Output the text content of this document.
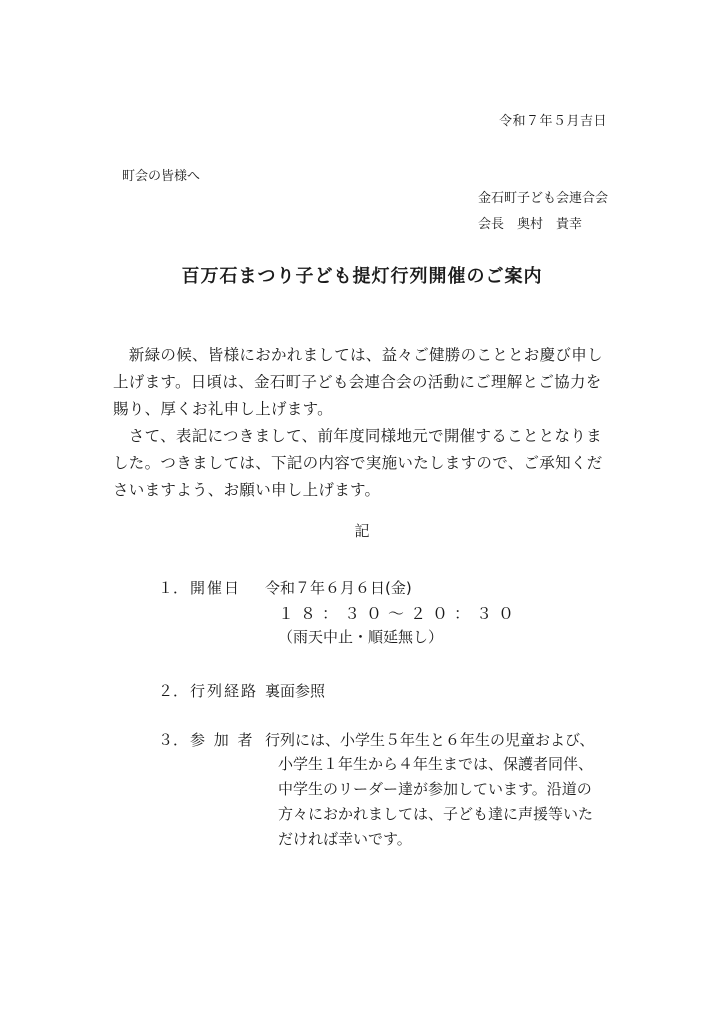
令和７年５月吉日
町会の皆様へ
金石町子ども会連合会
会長　奥村　貴幸
百万石まつり子ども提灯行列開催のご案内
　新緑の候、皆様におかれましては、益々ご健勝のこととお慶び申し
上げます。日頃は、金石町子ども会連合会の活動にご理解とご協力を
賜り、厚くお礼申し上げます。
　さて、表記につきまして、前年度同様地元で開催することとなりま
した。つきましては、下記の内容で実施いたしますので、ご承知くだ
さいますよう、お願い申し上げます。
記
１． 開催日 令和７年６月６日(金)
１８：３０～２０：３０
（雨天中止・順延無し）
２． 行列経路 裏面参照
３． 参 加 者 行列には、小学生５年生と６年生の児童および、
小学生１年生から４年生までは、保護者同伴、
中学生のリーダー達が参加しています。沿道の
方々におかれましては、子ども達に声援等いた
だければ幸いです。
